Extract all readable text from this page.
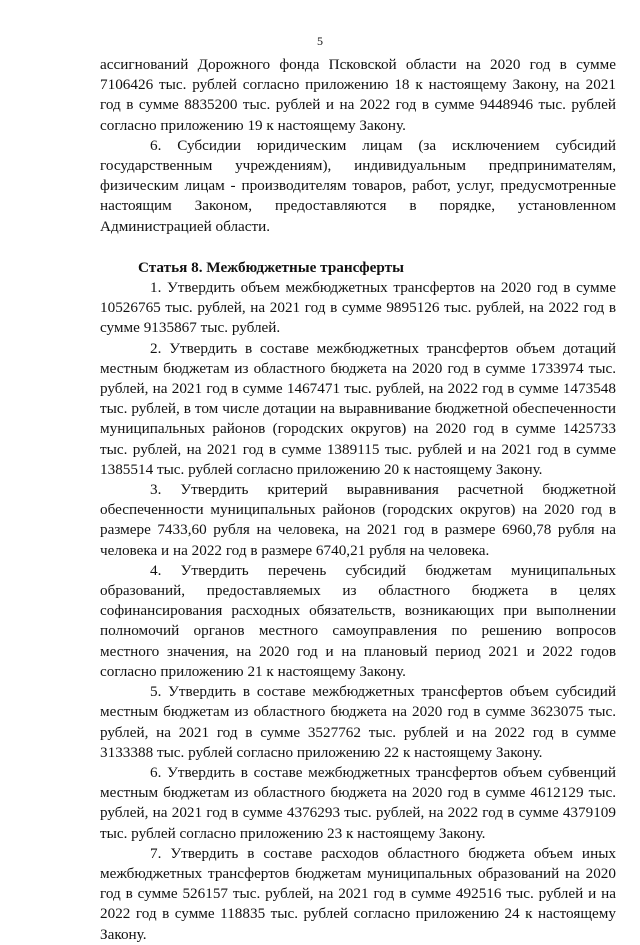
5

ассигнований Дорожного фонда Псковской области на 2020 год в сумме 7106426 тыс. рублей согласно приложению 18 к настоящему Закону, на 2021 год в сумме 8835200 тыс. рублей и на 2022 год в сумме 9448946 тыс. рублей согласно приложению 19 к настоящему Закону.

6. Субсидии юридическим лицам (за исключением субсидий государственным учреждениям), индивидуальным предпринимателям, физическим лицам - производителям товаров, работ, услуг, предусмотренные настоящим Законом, предоставляются в порядке, установленном Администрацией области.

Статья 8. Межбюджетные трансферты

1. Утвердить объем межбюджетных трансфертов на 2020 год в сумме 10526765 тыс. рублей, на 2021 год в сумме 9895126 тыс. рублей, на 2022 год в сумме 9135867 тыс. рублей.

2. Утвердить в составе межбюджетных трансфертов объем дотаций местным бюджетам из областного бюджета на 2020 год в сумме 1733974 тыс. рублей, на 2021 год в сумме 1467471 тыс. рублей, на 2022 год в сумме 1473548 тыс. рублей, в том числе дотации на выравнивание бюджетной обеспеченности муниципальных районов (городских округов) на 2020 год в сумме 1425733 тыс. рублей, на 2021 год в сумме 1389115 тыс. рублей и на 2021 год в сумме 1385514 тыс. рублей согласно приложению 20 к настоящему Закону.

3. Утвердить критерий выравнивания расчетной бюджетной обеспеченности муниципальных районов (городских округов) на 2020 год в размере 7433,60 рубля на человека, на 2021 год в размере 6960,78 рубля на человека и на 2022 год в размере 6740,21 рубля на человека.

4. Утвердить перечень субсидий бюджетам муниципальных образований, предоставляемых из областного бюджета в целях софинансирования расходных обязательств, возникающих при выполнении полномочий органов местного самоуправления по решению вопросов местного значения, на 2020 год и на плановый период 2021 и 2022 годов согласно приложению 21 к настоящему Закону.

5. Утвердить в составе межбюджетных трансфертов объем субсидий местным бюджетам из областного бюджета на 2020 год в сумме 3623075 тыс. рублей, на 2021 год в сумме 3527762 тыс. рублей и на 2022 год в сумме 3133388 тыс. рублей согласно приложению 22 к настоящему Закону.

6. Утвердить в составе межбюджетных трансфертов объем субвенций местным бюджетам из областного бюджета на 2020 год в сумме 4612129 тыс. рублей, на 2021 год в сумме 4376293 тыс. рублей, на 2022 год в сумме 4379109 тыс. рублей согласно приложению 23 к настоящему Закону.

7. Утвердить в составе расходов областного бюджета объем иных межбюджетных трансфертов бюджетам муниципальных образований на 2020 год в сумме 526157 тыс. рублей, на 2021 год в сумме 492516 тыс. рублей и на 2022 год в сумме 118835 тыс. рублей согласно приложению 24 к настоящему Закону.
